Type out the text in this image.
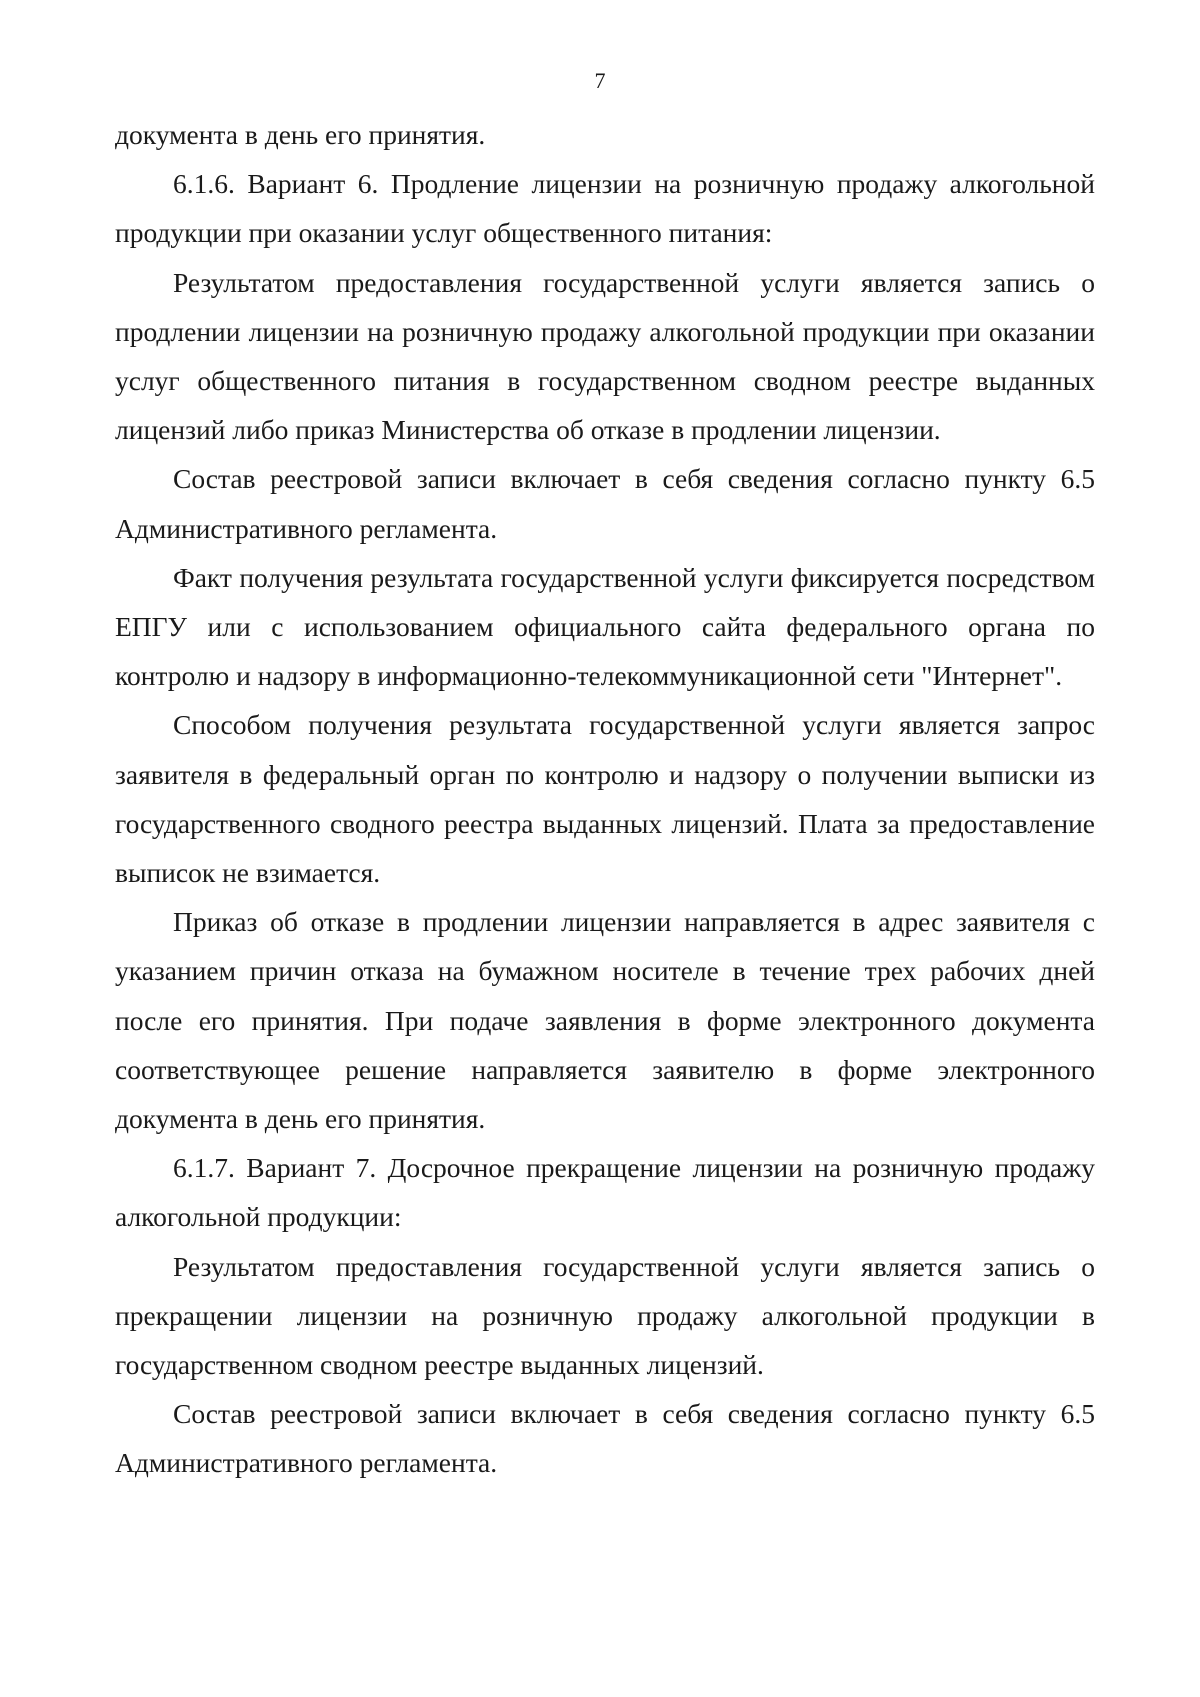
7

документа в день его принятия.

6.1.6. Вариант 6. Продление лицензии на розничную продажу алкогольной продукции при оказании услуг общественного питания:

Результатом предоставления государственной услуги является запись о продлении лицензии на розничную продажу алкогольной продукции при оказании услуг общественного питания в государственном сводном реестре выданных лицензий либо приказ Министерства об отказе в продлении лицензии.

Состав реестровой записи включает в себя сведения согласно пункту 6.5 Административного регламента.

Факт получения результата государственной услуги фиксируется посредством ЕПГУ или с использованием официального сайта федерального органа по контролю и надзору в информационно-телекоммуникационной сети "Интернет".

Способом получения результата государственной услуги является запрос заявителя в федеральный орган по контролю и надзору о получении выписки из государственного сводного реестра выданных лицензий. Плата за предоставление выписок не взимается.

Приказ об отказе в продлении лицензии направляется в адрес заявителя с указанием причин отказа на бумажном носителе в течение трех рабочих дней после его принятия. При подаче заявления в форме электронного документа соответствующее решение направляется заявителю в форме электронного документа в день его принятия.

6.1.7. Вариант 7. Досрочное прекращение лицензии на розничную продажу алкогольной продукции:

Результатом предоставления государственной услуги является запись о прекращении лицензии на розничную продажу алкогольной продукции в государственном сводном реестре выданных лицензий.

Состав реестровой записи включает в себя сведения согласно пункту 6.5 Административного регламента.
